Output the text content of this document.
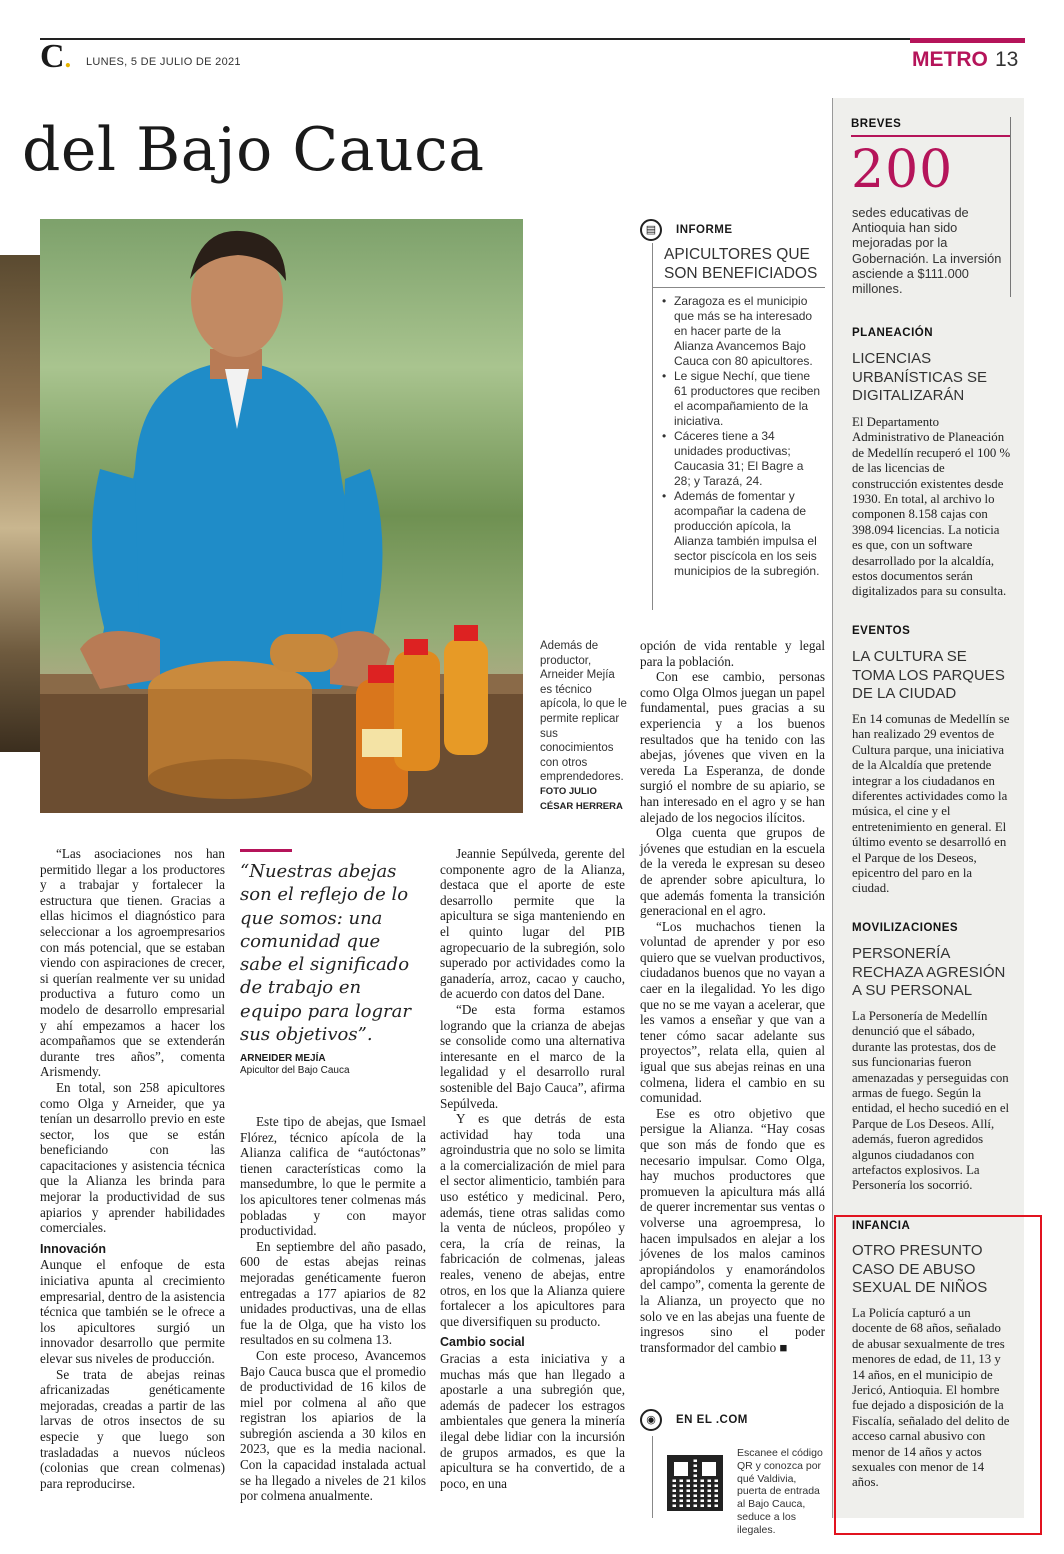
C. LUNES, 5 DE JULIO DE 2021	METRO 13
del Bajo Cauca
Además de productor, Arneider Mejía es técnico apícola, lo que le permite replicar sus conocimientos con otros emprendedores.
FOTO JULIO CÉSAR HERRERA

“Las asociaciones nos han permitido llegar a los productores y a trabajar y fortalecer la estructura que tienen. Gracias a ellas hicimos el diagnóstico para seleccionar a los agroempresarios con más potencial, que se estaban viendo con aspiraciones de crecer, si querían realmente ver su unidad productiva a futuro como un modelo de desarrollo empresarial y ahí empezamos a hacer los acompañamos que se extenderán durante tres años”, comenta Arismendy.

En total, son 258 apicultores como Olga y Arneider, que ya tenían un desarrollo previo en este sector, los que se están beneficiando con las capacitaciones y asistencia técnica que la Alianza les brinda para mejorar la productividad de sus apiarios y aprender habilidades comerciales.

Innovación

Aunque el enfoque de esta iniciativa apunta al crecimiento empresarial, dentro de la asistencia técnica que también se le ofrece a los apicultores surgió un innovador desarrollo que permite elevar sus niveles de producción.

Se trata de abejas reinas africanizadas genéticamente mejoradas, creadas a partir de las larvas de otros insectos de su especie y que luego son trasladadas a nuevos núcleos (colonias que crean colmenas) para reproducirse.

“Nuestras abejas son el reflejo de lo que somos: una comunidad que sabe el significado de trabajo en equipo para lograr sus objetivos”.
ARNEIDER MEJÍA
Apicultor del Bajo Cauca

Este tipo de abejas, que Ismael Flórez, técnico apícola de la Alianza califica de “autóctonas” tienen características como la mansedumbre, lo que le permite a los apicultores tener colmenas más pobladas y con mayor productividad.

En septiembre del año pasado, 600 de estas abejas reinas mejoradas genéticamente fueron entregadas a 177 apiarios de 82 unidades productivas, una de ellas fue la de Olga, que ha visto los resultados en su colmena 13.

Con este proceso, Avancemos Bajo Cauca busca que el promedio de productividad de 16 kilos de miel por colmena al año que registran los apiarios de la subregión ascienda a 30 kilos en 2023, que es la media nacional. Con la capacidad instalada actual se ha llegado a niveles de 21 kilos por colmena anualmente.

Jeannie Sepúlveda, gerente del componente agro de la Alianza, destaca que el aporte de este desarrollo permite que la apicultura se siga manteniendo en el quinto lugar del PIB agropecuario de la subregión, solo superado por actividades como la ganadería, arroz, cacao y caucho, de acuerdo con datos del Dane.

“De esta forma estamos logrando que la crianza de abejas se consolide como una alternativa interesante en el marco de la legalidad y el desarrollo rural sostenible del Bajo Cauca”, afirma Sepúlveda.

Y es que detrás de esta actividad hay toda una agroindustria que no solo se limita a la comercialización de miel para el sector alimenticio, también para uso estético y medicinal. Pero, además, tiene otras salidas como la venta de núcleos, propóleo y cera, la cría de reinas, la fabricación de colmenas, jaleas reales, veneno de abejas, entre otros, en los que la Alianza quiere fortalecer a los apicultores para que diversifiquen su producto.

Cambio social

Gracias a esta iniciativa y a muchas más que han llegado a apostarle a una subregión que, además de padecer los estragos ambientales que genera la minería ilegal debe lidiar con la incursión de grupos armados, es que la apicultura se ha convertido, de a poco, en una

opción de vida rentable y legal para la población.

Con ese cambio, personas como Olga Olmos juegan un papel fundamental, pues gracias a su experiencia y a los buenos resultados que ha tenido con las abejas, jóvenes que viven en la vereda La Esperanza, de donde surgió el nombre de su apiario, se han interesado en el agro y se han alejado de los negocios ilícitos.

Olga cuenta que grupos de jóvenes que estudian en la escuela de la vereda le expresan su deseo de aprender sobre apicultura, lo que además fomenta la transición generacional en el agro.

“Los muchachos tienen la voluntad de aprender y por eso quiero que se vuelvan productivos, ciudadanos buenos que no vayan a caer en la ilegalidad. Yo les digo que no se me vayan a acelerar, que les vamos a enseñar y que van a tener cómo sacar adelante sus proyectos”, relata ella, quien al igual que sus abejas reinas en una colmena, lidera el cambio en su comunidad.

Ese es otro objetivo que persigue la Alianza. “Hay cosas que son más de fondo que es necesario impulsar. Como Olga, hay muchos productores que promueven la apicultura más allá de querer incrementar sus ventas o volverse una agroempresa, lo hacen impulsados en alejar a los jóvenes de los malos caminos apropiándolos y enamorándolos del campo”, comenta la gerente de la Alianza, un proyecto que no solo ve en las abejas una fuente de ingresos sino el poder transformador del cambio ■

▤	INFORME
APICULTORES QUE SON BENEFICIADOS
• Zaragoza es el municipio que más se ha interesado en hacer parte de la Alianza Avancemos Bajo Cauca con 80 apicultores.
• Le sigue Nechí, que tiene 61 productores que reciben el acompañamiento de la iniciativa.
• Cáceres tiene a 34 unidades productivas; Caucasia 31; El Bagre a 28; y Tarazá, 24.
• Además de fomentar y acompañar la cadena de producción apícola, la Alianza también impulsa el sector piscícola en los seis municipios de la subregión.
◉	EN EL .COM
Escanee el código QR y conozca por qué Valdivia, puerta de entrada al Bajo Cauca, seduce a los ilegales.
BREVES
200
sedes educativas de Antioquia han sido mejoradas por la Gobernación. La inversión asciende a $111.000 millones.
PLANEACIÓN
LICENCIAS URBANÍSTICAS SE DIGITALIZARÁN
El Departamento Administrativo de Planeación de Medellín recuperó el 100 % de las licencias de construcción existentes desde 1930. En total, al archivo lo componen 8.158 cajas con 398.094 licencias. La noticia es que, con un software desarrollado por la alcaldía, estos documentos serán digitalizados para su consulta.
EVENTOS
LA CULTURA SE TOMA LOS PARQUES DE LA CIUDAD
En 14 comunas de Medellín se han realizado 29 eventos de Cultura parque, una iniciativa de la Alcaldía que pretende integrar a los ciudadanos en diferentes actividades como la música, el cine y el entretenimiento en general. El último evento se desarrolló en el Parque de los Deseos, epicentro del paro en la ciudad.
MOVILIZACIONES
PERSONERÍA RECHAZA AGRESIÓN A SU PERSONAL
La Personería de Medellín denunció que el sábado, durante las protestas, dos de sus funcionarias fueron amenazadas y perseguidas con armas de fuego. Según la entidad, el hecho sucedió en el Parque de Los Deseos. Allí, además, fueron agredidos algunos ciudadanos con artefactos explosivos. La Personería los socorrió.
INFANCIA
OTRO PRESUNTO CASO DE ABUSO SEXUAL DE NIÑOS
La Policía capturó a un docente de 68 años, señalado de abusar sexualmente de tres menores de edad, de 11, 13 y 14 años, en el municipio de Jericó, Antioquia. El hombre fue dejado a disposición de la Fiscalía, señalado del delito de acceso carnal abusivo con menor de 14 años y actos sexuales con menor de 14 años.
